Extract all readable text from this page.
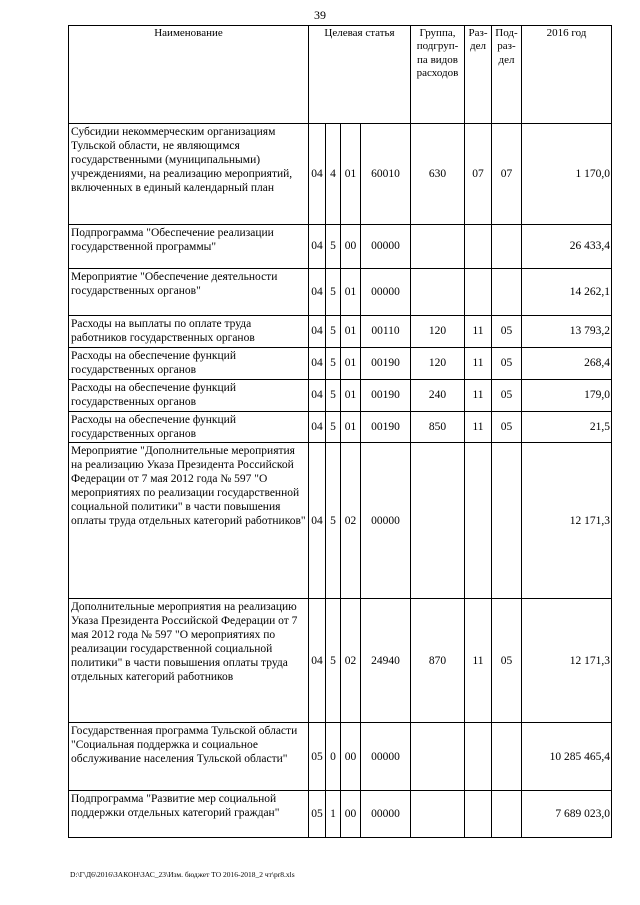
39
Наименование	Целевая статья				Группа, подгруп- па видов расходов	Раз- дел	Под- раз- дел	2016 год
Субсидии некоммерческим организациям Тульской области, не являющимся государственными (муниципальными) учреждениями, на реализацию мероприятий, включенных в единый календарный план	04	4	01	60010	630	07	07	1 170,0
Подпрограмма "Обеспечение реализации государственной программы"	04	5	00	00000				26 433,4
Мероприятие "Обеспечение деятельности государственных органов"	04	5	01	00000				14 262,1
Расходы на выплаты по оплате труда работников государственных органов	04	5	01	00110	120	11	05	13 793,2
Расходы на обеспечение функций государственных органов	04	5	01	00190	120	11	05	268,4
Расходы на обеспечение функций государственных органов	04	5	01	00190	240	11	05	179,0
Расходы на обеспечение функций государственных органов	04	5	01	00190	850	11	05	21,5
Мероприятие "Дополнительные мероприятия на реализацию Указа Президента Российской Федерации от 7 мая 2012 года № 597 "О мероприятиях по реализации государственной социальной политики" в части повышения оплаты труда отдельных категорий работников"	04	5	02	00000				12 171,3
Дополнительные мероприятия на реализацию Указа Президента Российской Федерации от 7 мая 2012 года № 597 "О мероприятиях по реализации государственной социальной политики" в части повышения оплаты труда отдельных категорий работников	04	5	02	24940	870	11	05	12 171,3
Государственная программа Тульской области "Социальная поддержка и социальное обслуживание населения Тульской области"	05	0	00	00000				10 285 465,4
Подпрограмма "Развитие мер социальной поддержки отдельных категорий граждан"	05	1	00	00000				7 689 023,0
D:\Г\Д6\2016\ЗАКОН\ЗАС_23\Изм. бюджет ТО 2016-2018_2 чт\pr8.xls
